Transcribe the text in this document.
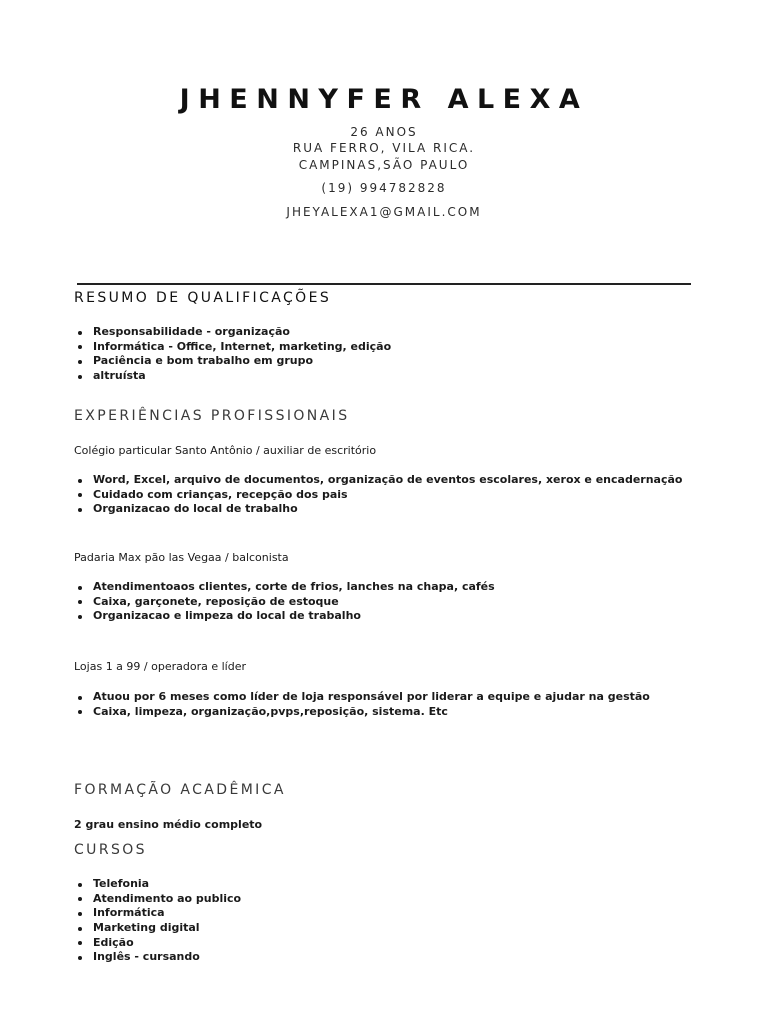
JHENNYFER ALEXA
26 ANOS
RUA FERRO, VILA RICA.
CAMPINAS,SÃO PAULO
(19) 994782828
JHEYALEXA1@GMAIL.COM
RESUMO DE QUALIFICAÇÕES
Responsabilidade - organização
Informática - Office, Internet, marketing, edição
Paciência e bom trabalho em grupo
altruísta
EXPERIÊNCIAS PROFISSIONAIS
Colégio particular Santo Antônio / auxiliar de escritório
Word, Excel, arquivo de documentos, organização de eventos escolares, xerox e encadernação
Cuidado com crianças, recepção dos pais
Organizacao do local de trabalho
Padaria Max pão las Vegaa / balconista
Atendimentoaos clientes, corte de frios, lanches na chapa, cafés
Caixa, garçonete, reposição de estoque
Organizacao e limpeza do local de trabalho
Lojas 1 a 99 / operadora e líder
Atuou por 6 meses como líder de loja responsável por liderar a equipe e ajudar na gestão
Caixa, limpeza, organização,pvps,reposição, sistema. Etc
FORMAÇÃO ACADÊMICA
2 grau ensino médio completo
CURSOS
Telefonia
Atendimento ao publico
Informática
Marketing digital
Edição
Inglês - cursando
